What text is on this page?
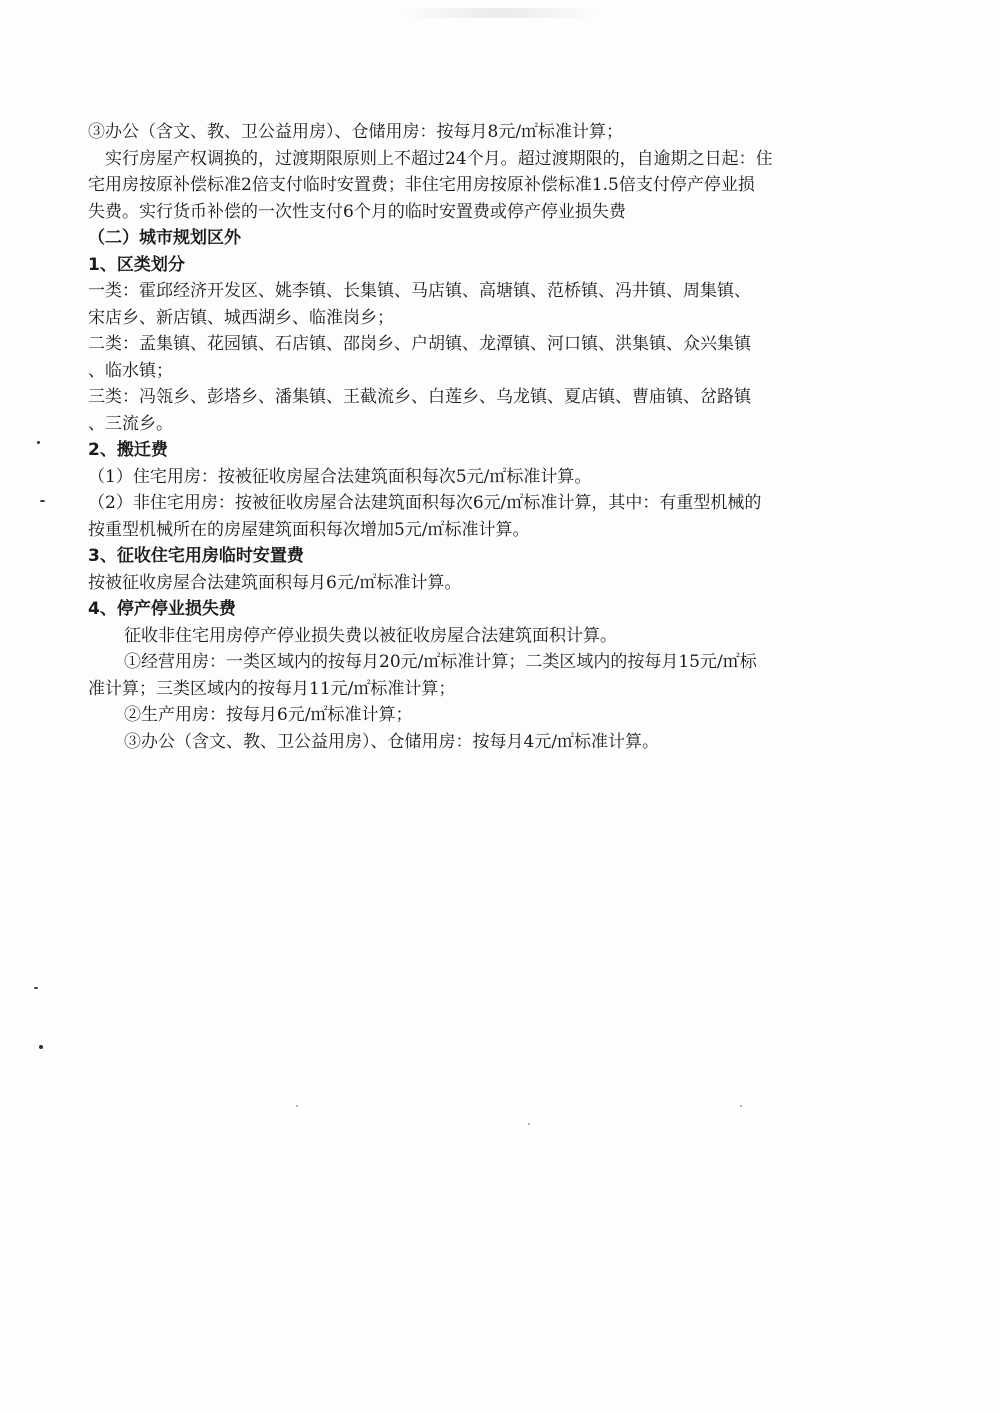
③办公（含文、教、卫公益用房）、仓储用房：按每月8元/㎡标准计算；

实行房屋产权调换的，过渡期限原则上不超过24个月。超过渡期限的，自逾期之日起：住

宅用房按原补偿标准2倍支付临时安置费；非住宅用房按原补偿标准1.5倍支付停产停业损

失费。实行货币补偿的一次性支付6个月的临时安置费或停产停业损失费

（二）城市规划区外

1、区类划分

一类：霍邱经济开发区、姚李镇、长集镇、马店镇、高塘镇、范桥镇、冯井镇、周集镇、

宋店乡、新店镇、城西湖乡、临淮岗乡；

二类：孟集镇、花园镇、石店镇、邵岗乡、户胡镇、龙潭镇、河口镇、洪集镇、众兴集镇

、临水镇；

三类：冯瓴乡、彭塔乡、潘集镇、王截流乡、白莲乡、乌龙镇、夏店镇、曹庙镇、岔路镇

、三流乡。

2、搬迁费

（1）住宅用房：按被征收房屋合法建筑面积每次5元/㎡标准计算。

（2）非住宅用房：按被征收房屋合法建筑面积每次6元/㎡标准计算，其中：有重型机械的

按重型机械所在的房屋建筑面积每次增加5元/㎡标准计算。

3、征收住宅用房临时安置费

按被征收房屋合法建筑面积每月6元/㎡标准计算。

4、停产停业损失费

征收非住宅用房停产停业损失费以被征收房屋合法建筑面积计算。

①经营用房：一类区域内的按每月20元/㎡标准计算；二类区域内的按每月15元/㎡标

准计算；三类区域内的按每月11元/㎡标准计算；

②生产用房：按每月6元/㎡标准计算；

③办公（含文、教、卫公益用房）、仓储用房：按每月4元/㎡标准计算。
